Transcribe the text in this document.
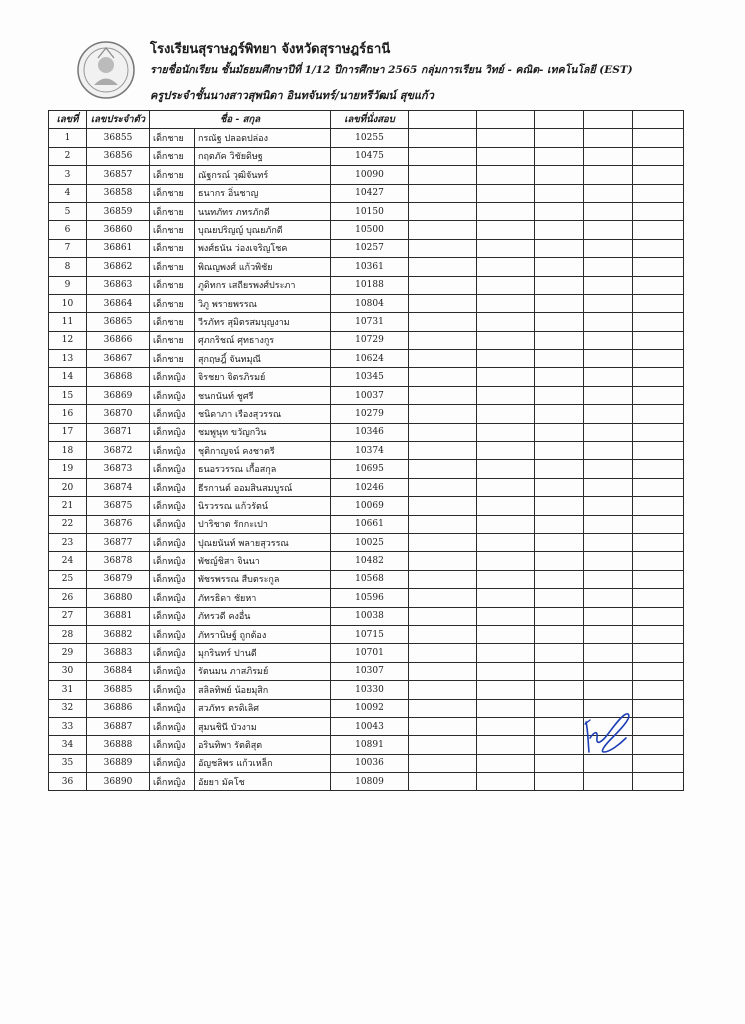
โรงเรียนสุราษฎร์พิทยา จังหวัดสุราษฎร์ธานี
รายชื่อนักเรียน ชั้นมัธยมศึกษาปีที่ 1/12 ปีการศึกษา 2565 กลุ่มการเรียน วิทย์ - คณิต- เทคโนโลยี (EST)
ครูประจำชั้นนางสาวสุพนิดา อินทจันทร์/นายหรีวัฒน์ สุขแก้ว
เลขที่	เลขประจำตัว	ชื่อ - สกุล		เลขที่นั่งสอบ					
1	36855	เด็กชาย	กรณัฐ ปลอดปล่อง	10255					
2	36856	เด็กชาย	กฤตภัค วิชัยดิษฐ	10475					
3	36857	เด็กชาย	ณัฐกรณ์ วุฒิจันทร์	10090					
4	36858	เด็กชาย	ธนากร อิ่นชาญ	10427					
5	36859	เด็กชาย	นนทภัทร ภทรภักดี	10150					
6	36860	เด็กชาย	บุณยปริญญ์ บุณยภักดี	10500					
7	36861	เด็กชาย	พงศ์ธนัน ว่องเจริญโชค	10257					
8	36862	เด็กชาย	พิณญพงศ์ แก้วพิชัย	10361					
9	36863	เด็กชาย	ภูดิทกร เสถียรพงศ์ประภา	10188					
10	36864	เด็กชาย	วิภู พรายพรรณ	10804					
11	36865	เด็กชาย	วีรภัทร สุมิตรสมบุญงาม	10731					
12	36866	เด็กชาย	ศุภกริชณ์ ศุทธางกูร	10729					
13	36867	เด็กชาย	สุกฤษฎิ์ จันทมุณี	10624					
14	36868	เด็กหญิง	จิรชยา จิตรภิรมย์	10345					
15	36869	เด็กหญิง	ชนกนันท์ ชูศรี	10037					
16	36870	เด็กหญิง	ชนิดาภา เรืองสุวรรณ	10279					
17	36871	เด็กหญิง	ชมพูนุท ขวัญกวิน	10346					
18	36872	เด็กหญิง	ชุติกาญจน์ คงชาตรี	10374					
19	36873	เด็กหญิง	ธนอรวรรณ เกื้อสกุล	10695					
20	36874	เด็กหญิง	ธีรกานต์ ออมสินสมบูรณ์	10246					
21	36875	เด็กหญิง	นิรวรรณ แก้วรัตน์	10069					
22	36876	เด็กหญิง	ปาริชาต รักกะเปา	10661					
23	36877	เด็กหญิง	ปุณยนันท์ พลายสุวรรณ	10025					
24	36878	เด็กหญิง	พัชญ์ชิสา จินนา	10482					
25	36879	เด็กหญิง	พัชรพรรณ สืบตระกูล	10568					
26	36880	เด็กหญิง	ภัทรธิดา ชัยหา	10596					
27	36881	เด็กหญิง	ภัทรวดี คงอื่น	10038					
28	36882	เด็กหญิง	ภัทรานิษฐ์ ถูกต้อง	10715					
29	36883	เด็กหญิง	มุกรินทร์ ปานดี	10701					
30	36884	เด็กหญิง	รัตนมน ภาสภิรมย์	10307					
31	36885	เด็กหญิง	สลิลทิพย์ น้อยมุสิก	10330					
32	36886	เด็กหญิง	สวภัทร ตรดิเลิศ	10092					
33	36887	เด็กหญิง	สุมนชินี บัวงาม	10043					
34	36888	เด็กหญิง	อรินทิพา รัตติสุต	10891					
35	36889	เด็กหญิง	อัญชลิพร แก้วเหล็ก	10036					
36	36890	เด็กหญิง	อัยยา มัคโช	10809					
